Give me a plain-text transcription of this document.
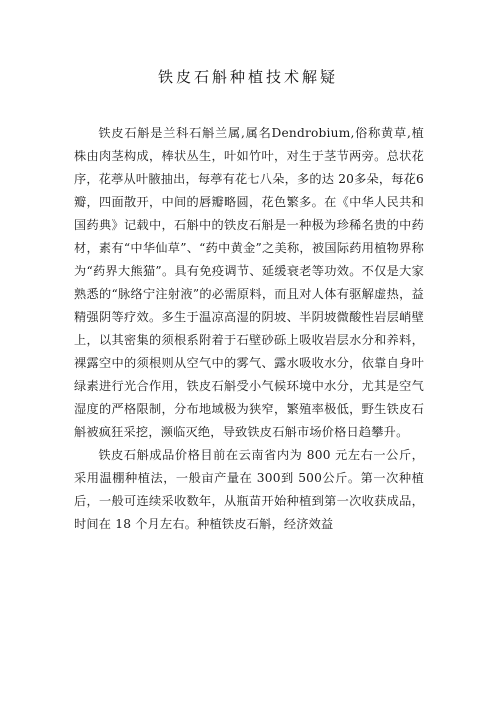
铁皮石斛种植技术解疑

铁皮石斛是兰科石斛兰属,属名Dendrobium,俗称黄草,植株由肉茎构成，棒状丛生，叶如竹叶，对生于茎节两旁。总状花序，花葶从叶腋抽出，每葶有花七八朵，多的达 20多朵，每花6瓣，四面散开，中间的唇瓣略圆，花色繁多。在《中华人民共和国药典》记载中，石斛中的铁皮石斛是一种极为珍稀名贵的中药材，素有“中华仙草”、“药中黄金”之美称，被国际药用植物界称为“药界大熊猫”。具有免疫调节、延缓衰老等功效。不仅是大家熟悉的“脉络宁注射液”的必需原料，而且对人体有驱解虚热，益精强阴等疗效。多生于温凉高湿的阴坡、半阴坡微酸性岩层峭壁上，以其密集的须根系附着于石壁砂砾上吸收岩层水分和养料，裸露空中的须根则从空气中的雾气、露水吸收水分，依靠自身叶绿素进行光合作用，铁皮石斛受小气候环境中水分，尤其是空气湿度的严格限制，分布地域极为狭窄，繁殖率极低，野生铁皮石斛被疯狂采挖，濒临灭绝，导致铁皮石斛市场价格日趋攀升。

铁皮石斛成品价格目前在云南省内为 800 元左右一公斤，采用温棚种植法，一般亩产量在 300到 500公斤。第一次种植后，一般可连续采收数年，从瓶苗开始种植到第一次收获成品，时间在 18 个月左右。种植铁皮石斛，经济效益
